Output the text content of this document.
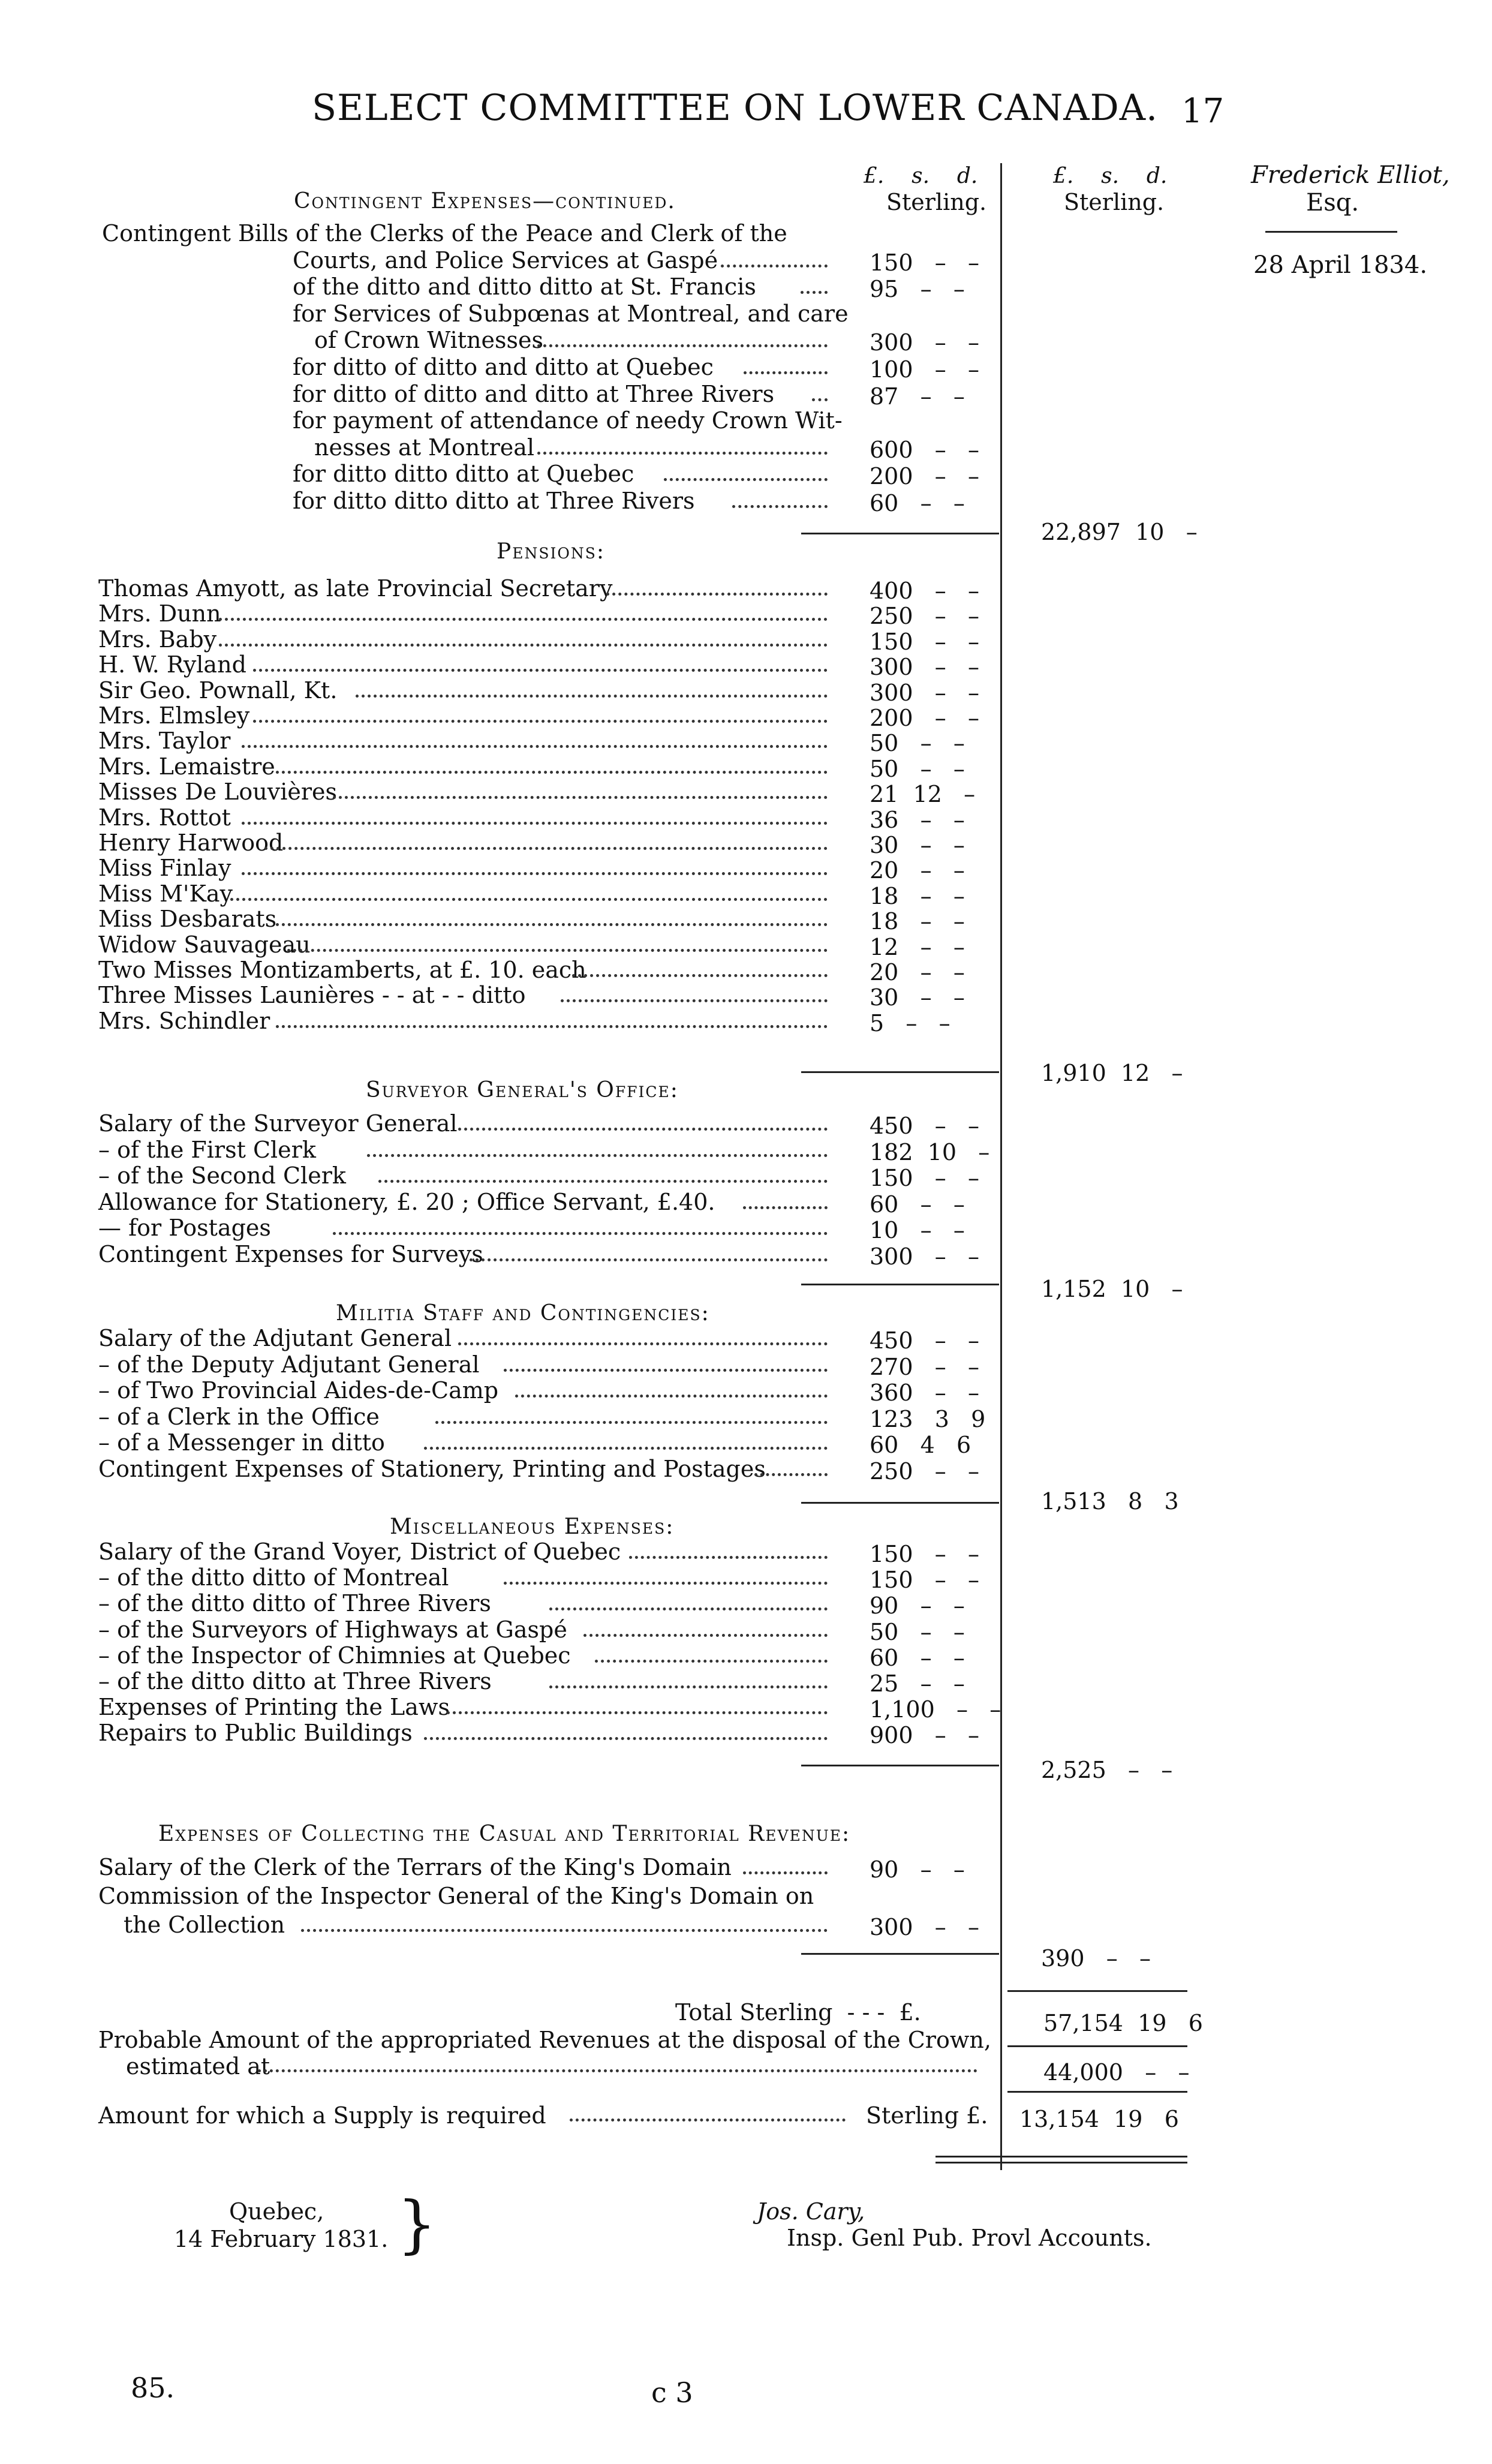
SELECT COMMITTEE ON LOWER CANADA. 17
£.    s.    d.
Sterling.
£.    s.    d.
Sterling.
Frederick Elliot,
Esq.
28 April 1834.
Contingent Expenses—continued.
Contingent Bills of the Clerks of the Peace and Clerk of the
Courts, and Police Services at Gaspé	150   –   –
of the ditto and ditto ditto at St. Francis	95   –   –
for Services of Subpœnas at Montreal, and care
of Crown Witnesses	300   –   –
for ditto of ditto and ditto at Quebec	100   –   –
for ditto of ditto and ditto at Three Rivers	87   –   –
for payment of attendance of needy Crown Wit-
nesses at Montreal	600   –   –
for ditto ditto ditto at Quebec	200   –   –
for ditto ditto ditto at Three Rivers	60   –   –
22,897  10   –
Pensions:
Thomas Amyott, as late Provincial Secretary	400   –   –
Mrs. Dunn	250   –   –
Mrs. Baby	150   –   –
H. W. Ryland	300   –   –
Sir Geo. Pownall, Kt.	300   –   –
Mrs. Elmsley	200   –   –
Mrs. Taylor	50   –   –
Mrs. Lemaistre	50   –   –
Misses De Louvières	21  12   –
Mrs. Rottot	36   –   –
Henry Harwood	30   –   –
Miss Finlay	20   –   –
Miss M'Kay	18   –   –
Miss Desbarats	18   –   –
Widow Sauvageau	12   –   –
Two Misses Montizamberts, at £. 10. each	20   –   –
Three Misses Launières - - at - - ditto	30   –   –
Mrs. Schindler	5   –   –
1,910  12   –
Surveyor General's Office:
Salary of the Surveyor General	450   –   –
– of the First Clerk	182  10   –
– of the Second Clerk	150   –   –
Allowance for Stationery, £. 20 ; Office Servant, £.40.	60   –   –
— for Postages	10   –   –
Contingent Expenses for Surveys	300   –   –
1,152  10   –
Militia Staff and Contingencies:
Salary of the Adjutant General	450   –   –
– of the Deputy Adjutant General	270   –   –
– of Two Provincial Aides-de-Camp	360   –   –
– of a Clerk in the Office	123   3   9
– of a Messenger in ditto	60   4   6
Contingent Expenses of Stationery, Printing and Postages	250   –   –
1,513   8   3
Miscellaneous Expenses:
Salary of the Grand Voyer, District of Quebec	150   –   –
– of the ditto ditto of Montreal	150   –   –
– of the ditto ditto of Three Rivers	90   –   –
– of the Surveyors of Highways at Gaspé	50   –   –
– of the Inspector of Chimnies at Quebec	60   –   –
– of the ditto ditto at Three Rivers	25   –   –
Expenses of Printing the Laws	1,100   –   –
Repairs to Public Buildings	900   –   –
2,525   –   –
Expenses of Collecting the Casual and Territorial Revenue:
Salary of the Clerk of the Terrars of the King's Domain	90   –   –
Commission of the Inspector General of the King's Domain on
the Collection	300   –   –
390   –   –
Total Sterling  - - -  £.	57,154  19   6
Probable Amount of the appropriated Revenues at the disposal of the Crown,
estimated at	44,000   –   –
Amount for which a Supply is required	Sterling £. 13,154  19   6
Quebec,
14 February 1831. }	Jos. Cary,
Insp. Genl Pub. Provl Accounts.
85.	c 3
